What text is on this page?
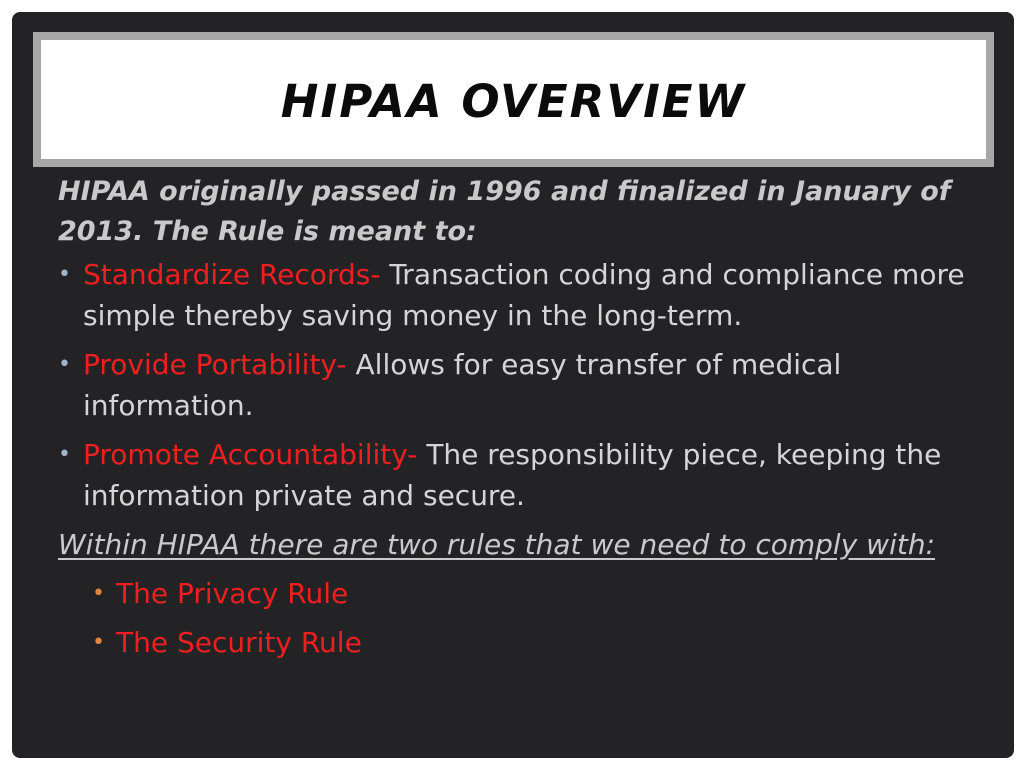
HIPAA OVERVIEW

HIPAA originally passed in 1996 and finalized in January of 2013. The Rule is meant to:

• Standardize Records- Transaction coding and compliance more simple thereby saving money in the long-term.
• Provide Portability- Allows for easy transfer of medical information.
• Promote Accountability- The responsibility piece, keeping the information private and secure.

Within HIPAA there are two rules that we need to comply with:

• The Privacy Rule
• The Security Rule
